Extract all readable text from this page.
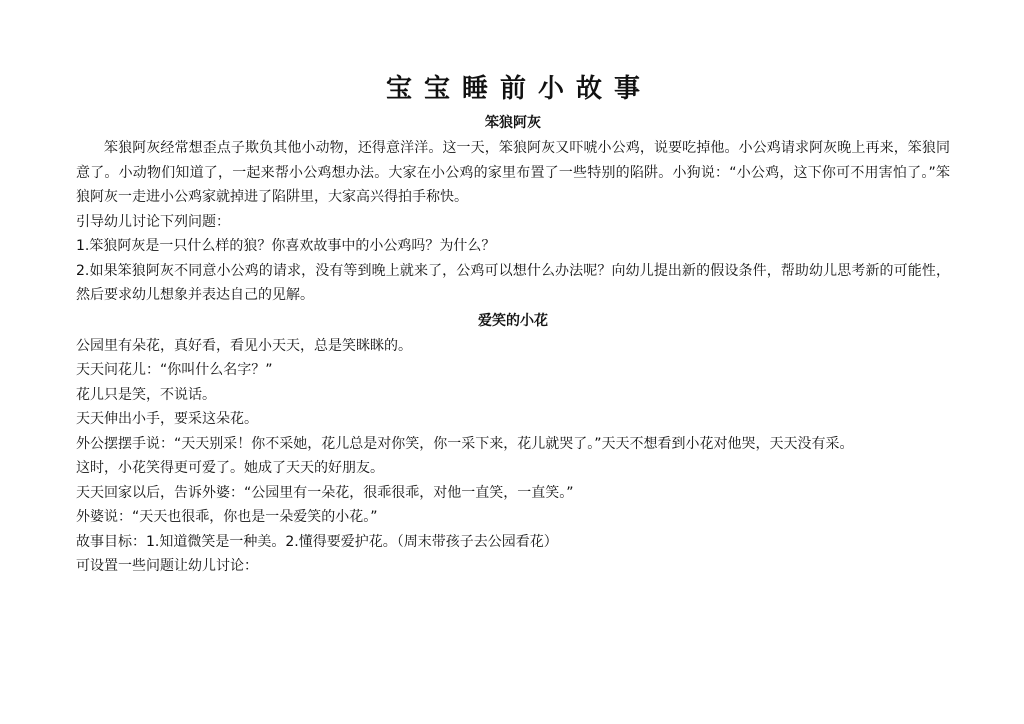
宝宝睡前小故事
笨狼阿灰

笨狼阿灰经常想歪点子欺负其他小动物，还得意洋洋。这一天，笨狼阿灰又吓唬小公鸡，说要吃掉他。小公鸡请求阿灰晚上再来，笨狼同意了。小动物们知道了，一起来帮小公鸡想办法。大家在小公鸡的家里布置了一些特别的陷阱。小狗说：“小公鸡，这下你可不用害怕了。”笨狼阿灰一走进小公鸡家就掉进了陷阱里，大家高兴得拍手称快。

引导幼儿讨论下列问题：

1.笨狼阿灰是一只什么样的狼？你喜欢故事中的小公鸡吗？为什么？

2.如果笨狼阿灰不同意小公鸡的请求，没有等到晚上就来了，公鸡可以想什么办法呢？向幼儿提出新的假设条件，帮助幼儿思考新的可能性，然后要求幼儿想象并表达自己的见解。

爱笑的小花

公园里有朵花，真好看，看见小天天，总是笑眯眯的。

天天问花儿：“你叫什么名字？”

花儿只是笑，不说话。

天天伸出小手，要采这朵花。

外公摆摆手说：“天天别采！你不采她，花儿总是对你笑，你一采下来，花儿就哭了。”天天不想看到小花对他哭，天天没有采。

这时，小花笑得更可爱了。她成了天天的好朋友。

天天回家以后，告诉外婆：“公园里有一朵花，很乖很乖，对他一直笑，一直笑。”

外婆说：“天天也很乖，你也是一朵爱笑的小花。”

故事目标：1.知道微笑是一种美。2.懂得要爱护花。（周末带孩子去公园看花）

可设置一些问题让幼儿讨论：
